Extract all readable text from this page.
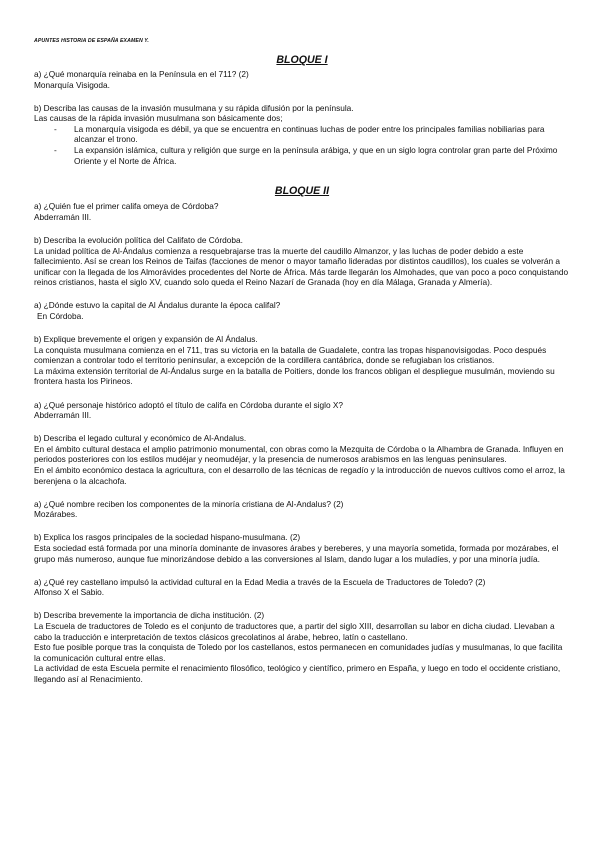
APUNTES HISTORIA DE ESPAÑA EXAMEN Y.
BLOQUE I
a) ¿Qué monarquía reinaba en la Península en el 711? (2)

Monarquía Visigoda.

b) Describa las causas de la invasión musulmana y su rápida difusión por la península.

Las causas de la rápida invasión musulmana son básicamente dos;

- La monarquía visigoda es débil, ya que se encuentra en continuas luchas de poder entre los principales familias nobiliarias para alcanzar el trono.
- La expansión islámica, cultura y religión que surge en la península arábiga, y que en un siglo logra controlar gran parte del Próximo Oriente y el Norte de África.
BLOQUE II
a) ¿Quién fue el primer califa omeya de Córdoba?

Abderramán III.

b) Describa la evolución política del Califato de Córdoba.

La unidad política de Al-Ándalus comienza a resquebrajarse tras la muerte del caudillo Almanzor, y las luchas de poder debido a este fallecimiento. Así se crean los Reinos de Taifas (facciones de menor o mayor tamaño lideradas por distintos caudillos), los cuales se volverán a unificar con la llegada de los Almorávides procedentes del Norte de África. Más tarde llegarán los Almohades, que van poco a poco conquistando reinos cristianos, hasta el siglo XV, cuando solo queda el Reino Nazarí de Granada (hoy en día Málaga, Granada y Almería).

a) ¿Dónde estuvo la capital de Al Ándalus durante la época califal?

En Córdoba.

b) Explique brevemente el origen y expansión de Al Ándalus.

La conquista musulmana comienza en el 711, tras su victoria en la batalla de Guadalete, contra las tropas hispanovisigodas. Poco después comienzan a controlar todo el territorio peninsular, a excepción de la cordillera cantábrica, donde se refugiaban los cristianos.

La máxima extensión territorial de Al-Ándalus surge en la batalla de Poitiers, donde los francos obligan el despliegue musulmán, moviendo su frontera hasta los Pirineos.

a) ¿Qué personaje histórico adoptó el título de califa en Córdoba durante el siglo X?

Abderramán III.

b) Describa el legado cultural y económico de Al-Andalus.

En el ámbito cultural destaca el amplio patrimonio monumental, con obras como la Mezquita de Córdoba o la Alhambra de Granada. Influyen en periodos posteriores con los estilos mudéjar y neomudéjar, y la presencia de numerosos arabismos en las lenguas peninsulares.

En el ámbito económico destaca la agricultura, con el desarrollo de las técnicas de regadío y la introducción de nuevos cultivos como el arroz, la berenjena o la alcachofa.

a) ¿Qué nombre reciben los componentes de la minoría cristiana de Al-Andalus? (2)

Mozárabes.

b) Explica los rasgos principales de la sociedad hispano-musulmana. (2)

Esta sociedad está formada por una minoría dominante de invasores árabes y bereberes, y una mayoría sometida, formada por mozárabes, el grupo más numeroso, aunque fue minorizándose debido a las conversiones al Islam, dando lugar a los muladíes, y por una minoría judía.

a) ¿Qué rey castellano impulsó la actividad cultural en la Edad Media a través de la Escuela de Traductores de Toledo? (2)

Alfonso X el Sabio.

b) Describa brevemente la importancia de dicha institución. (2)

La Escuela de traductores de Toledo es el conjunto de traductores que, a partir del siglo XIII, desarrollan su labor en dicha ciudad. Llevaban a cabo la traducción e interpretación de textos clásicos grecolatinos al árabe, hebreo, latín o castellano.

Esto fue posible porque tras la conquista de Toledo por los castellanos, estos permanecen en comunidades judías y musulmanas, lo que facilita la comunicación cultural entre ellas.

La actividad de esta Escuela permite el renacimiento filosófico, teológico y científico, primero en España, y luego en todo el occidente cristiano, llegando así al Renacimiento.
